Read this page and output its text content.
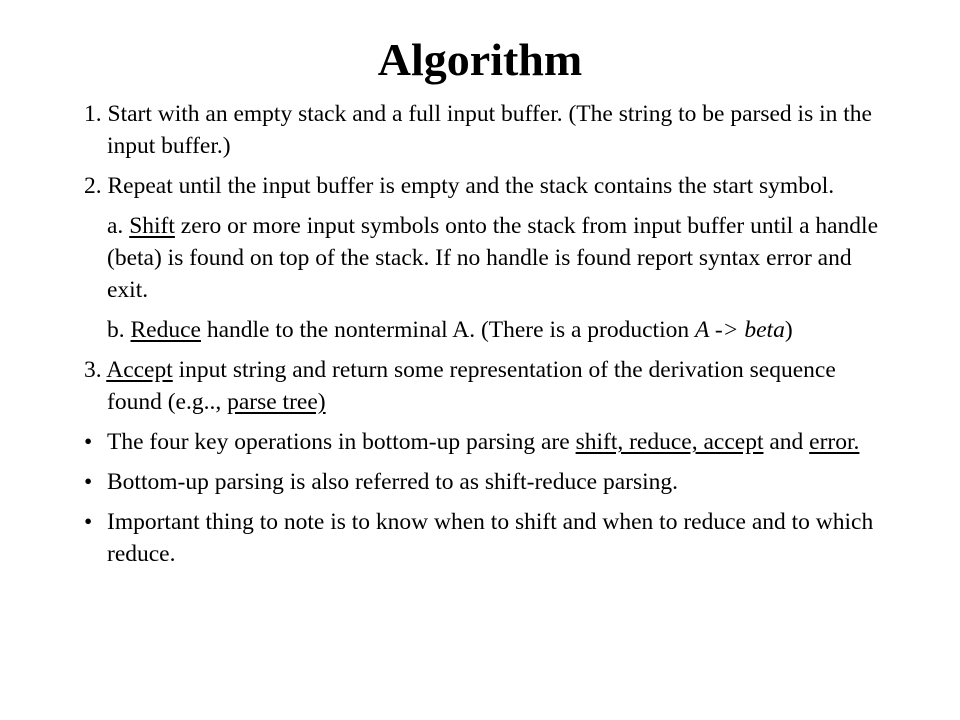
Algorithm

1. Start with an empty stack and a full input buffer. (The string to be parsed is in the input buffer.)

2. Repeat until the input buffer is empty and the stack contains the start symbol.

a. Shift zero or more input symbols onto the stack from input buffer until a handle (beta) is found on top of the stack. If no handle is found report syntax error and exit.

b. Reduce handle to the nonterminal A. (There is a production A -> beta)

3. Accept input string and return some representation of the derivation sequence found (e.g.., parse tree)

• The four key operations in bottom-up parsing are shift, reduce, accept and error.

• Bottom-up parsing is also referred to as shift-reduce parsing.

• Important thing to note is to know when to shift and when to reduce and to which reduce.
